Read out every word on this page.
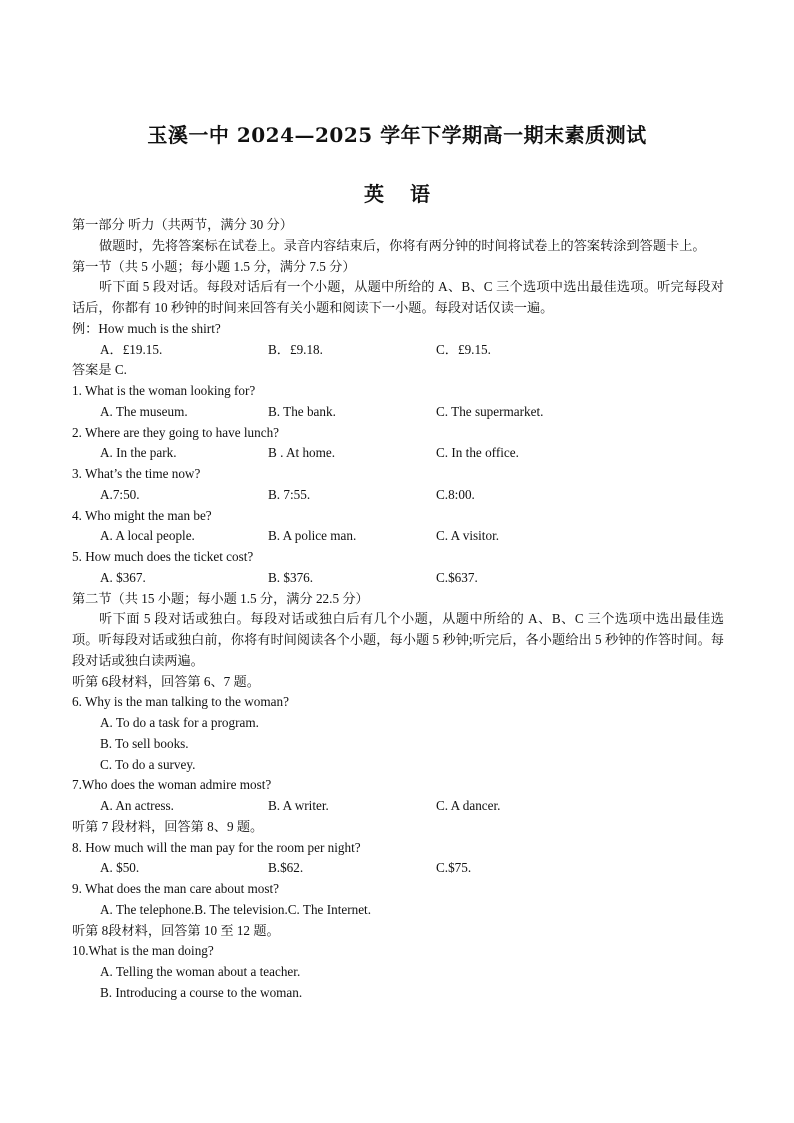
玉溪一中 2024—2025 学年下学期高一期末素质测试
英语
第一部分 听力（共两节，满分 30 分）
做题时，先将答案标在试卷上。录音内容结束后，你将有两分钟的时间将试卷上的答案转涂到答题卡上。
第一节（共 5 小题；每小题 1.5 分，满分 7.5 分）
听下面 5 段对话。每段对话后有一个小题，从题中所给的 A、B、C 三个选项中选出最佳选项。听完每段对话后，你都有 10 秒钟的时间来回答有关小题和阅读下一小题。每段对话仅读一遍。
例：How much is the shirt?
A．£19.15.	B．£9.18.	C．£9.15.
答案是 C.
1. What is the woman looking for?
A. The museum.	B. The bank.	C. The supermarket.
2. Where are they going to have lunch?
A. In the park.	B . At home.	C. In the office.
3. What’s the time now?
A.7:50.	B. 7:55.	C.8:00.
4. Who might the man be?
A. A local people.	B. A police man.	C. A visitor.
5. How much does the ticket cost?
A. $367.	B. $376.	C.$637.
第二节（共 15 小题；每小题 1.5 分，满分 22.5 分）
听下面 5 段对话或独白。每段对话或独白后有几个小题，从题中所给的 A、B、C 三个选项中选出最佳选项。听每段对话或独白前，你将有时间阅读各个小题，每小题 5 秒钟;听完后，各小题给出 5 秒钟的作答时间。每段对话或独白读两遍。
听第 6段材料，回答第 6、7 题。
6. Why is the man talking to the woman?
A. To do a task for a program.
B. To sell books.
C. To do a survey.
7.Who does the woman admire most?
A. An actress.	B. A writer.	C. A dancer.
听第 7 段材料，回答第 8、9 题。
8. How much will the man pay for the room per night?
A. $50.	B.$62.	C.$75.
9. What does the man care about most?
A. The telephone.B. The television.C. The Internet.
听第 8段材料，回答第 10 至 12 题。
10.What is the man doing?
A. Telling the woman about a teacher.
B. Introducing a course to the woman.
